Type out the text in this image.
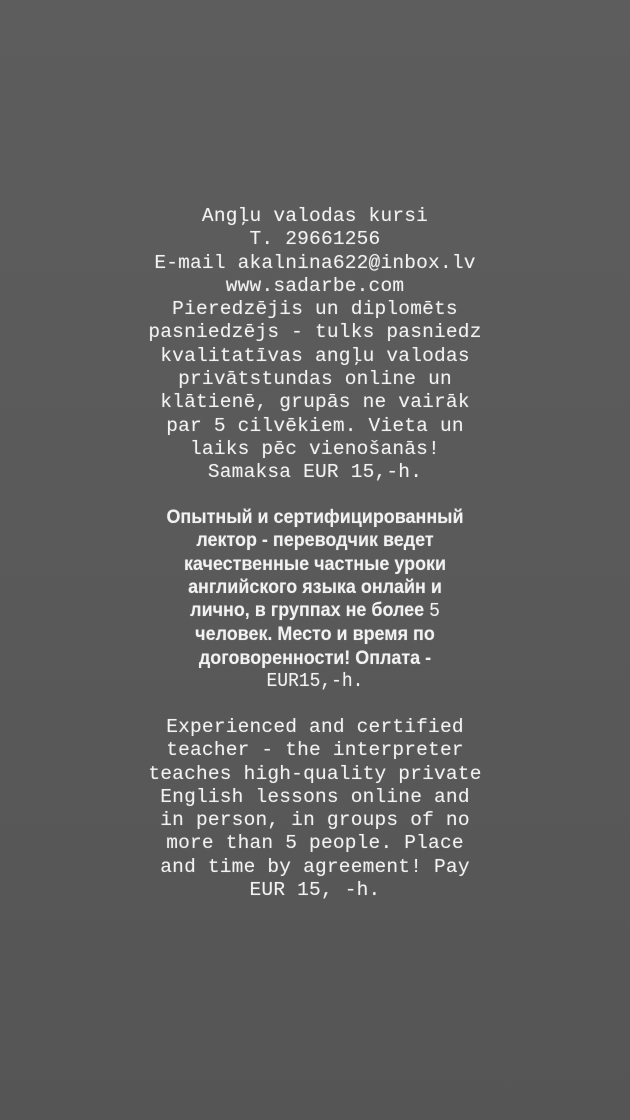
Angļu valodas kursi
T. 29661256
E-mail akalnina622@inbox.lv
www.sadarbe.com
Pieredzējis un diplomēts
pasniedzējs - tulks pasniedz
kvalitatīvas angļu valodas
privātstundas online un
klātienē, grupās ne vairāk
par 5 cilvēkiem. Vieta un
laiks pēc vienošanās!
Samaksa EUR 15,-h.
Опытный и сертифицированный
лектор - переводчик ведет
качественные частные уроки
английского языка онлайн и
лично, в группах не более 5
человек. Место и время по
договоренности! Оплата -
EUR15,-h.
Experienced and certified
teacher - the interpreter
teaches high-quality private
English lessons online and
in person, in groups of no
more than 5 people. Place
and time by agreement! Pay
EUR 15, -h.
